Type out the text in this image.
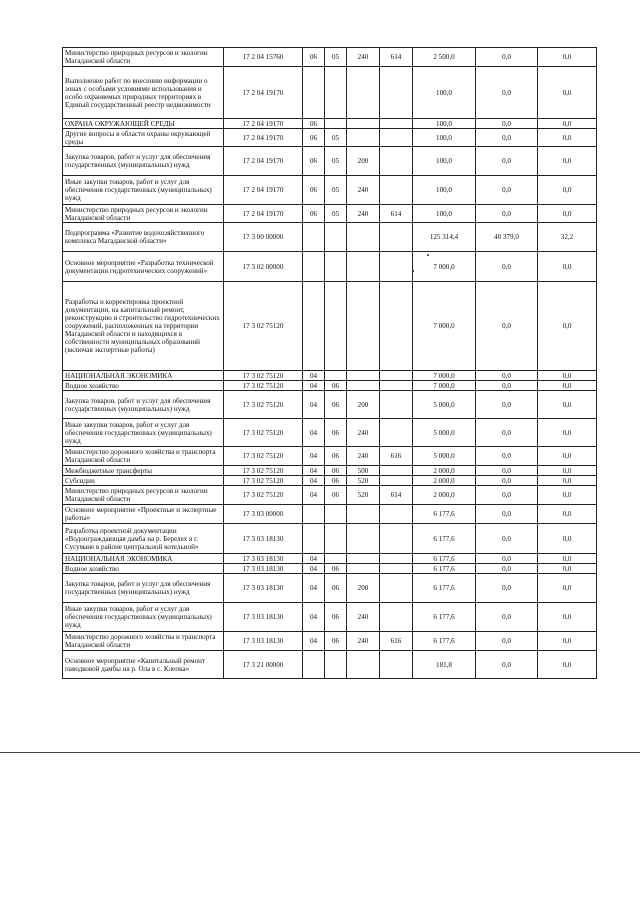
Министерство природных ресурсов и экологии Магаданской области	17 2 04 15760	06	05	240	614	2 500,0	0,0	0,0
Выполнение работ по внесению информации о зонах с особыми условиями использования и особо охраняемых природных территориях в Единый государственный реестр недвижимости	17 2 04 19170					100,0	0,0	0,0
ОХРАНА ОКРУЖАЮЩЕЙ СРЕДЫ	17 2 04 19170	06				100,0	0,0	0,0
Другие вопросы в области охраны окружающей среды	17 2 04 19170	06	05			100,0	0,0	0,0
Закупка товаров, работ и услуг для обеспечения государственных (муниципальных) нужд	17 2 04 19170	06	05	200		100,0	0,0	0,0
Иные закупки товаров, работ и услуг для обеспечения государственных (муниципальных) нужд	17 2 04 19170	06	05	240		100,0	0,0	0,0
Министерство природных ресурсов и экологии Магаданской области	17 2 04 19170	06	05	240	614	100,0	0,0	0,0
Подпрограмма «Развитие водохозяйственного комплекса Магаданской области»	17 3 00 00000					125 314,4	40 379,0	32,2
Основное мероприятие «Разработка технической документации гидротехнических сооружений»	17 3 02 00000					7 000,0	0,0	0,0
Разработка и корректировка проектной документации, на капитальный ремонт, реконструкцию и строительство гидротехнических сооружений, расположенных на территории Магаданской области и находящихся в собственности муниципальных образований (включая экспертные работы)	17 3 02 75120					7 000,0	0,0	0,0
НАЦИОНАЛЬНАЯ ЭКОНОМИКА	17 3 02 75120	04				7 000,0	0,0	0,0
Водное хозяйство	17 3 02 75120	04	06			7 000,0	0,0	0,0
Закупка товаров, работ и услуг для обеспечения государственных (муниципальных) нужд	17 3 02 75120	04	06	200		5 000,0	0,0	0,0
Иные закупки товаров, работ и услуг для обеспечения государственных (муниципальных) нужд	17 3 02 75120	04	06	240		5 000,0	0,0	0,0
Министерство дорожного хозяйства и транспорта Магаданской области	17 3 02 75120	04	06	240	616	5 000,0	0,0	0,0
Межбюджетные трансферты	17 3 02 75120	04	06	500		2 000,0	0,0	0,0
Субсидии	17 3 02 75120	04	06	520		2 000,0	0,0	0,0
Министерство природных ресурсов и экологии Магаданской области	17 3 02 75120	04	06	520	614	2 000,0	0,0	0,0
Основное мероприятие «Проектные и экспертные работы»	17 3 03 00000					6 177,6	0,0	0,0
Разработка проектной документации «Водоограждающая дамба на р. Берелех в г. Сусумане в районе центральной котельной»	17 3 03 18130					6 177,6	0,0	0,0
НАЦИОНАЛЬНАЯ ЭКОНОМИКА	17 3 03 18130	04				6 177,6	0,0	0,0
Водное хозяйство	17 3 03 18130	04	06			6 177,6	0,0	0,0
Закупка товаров, работ и услуг для обеспечения государственных (муниципальных) нужд	17 3 03 18130	04	06	200		6 177,6	0,0	0,0
Иные закупки товаров, работ и услуг для обеспечения государственных (муниципальных) нужд	17 3 03 18130	04	06	240		6 177,6	0,0	0,0
Министерство дорожного хозяйства и транспорта Магаданской области	17 3 03 18130	04	06	240	616	6 177,6	0,0	0,0
Основное мероприятие «Капитальный ремонт паводковой дамбы на р. Ола в с. Клепка»	17 3 21 00000					181,8	0,0	0,0
